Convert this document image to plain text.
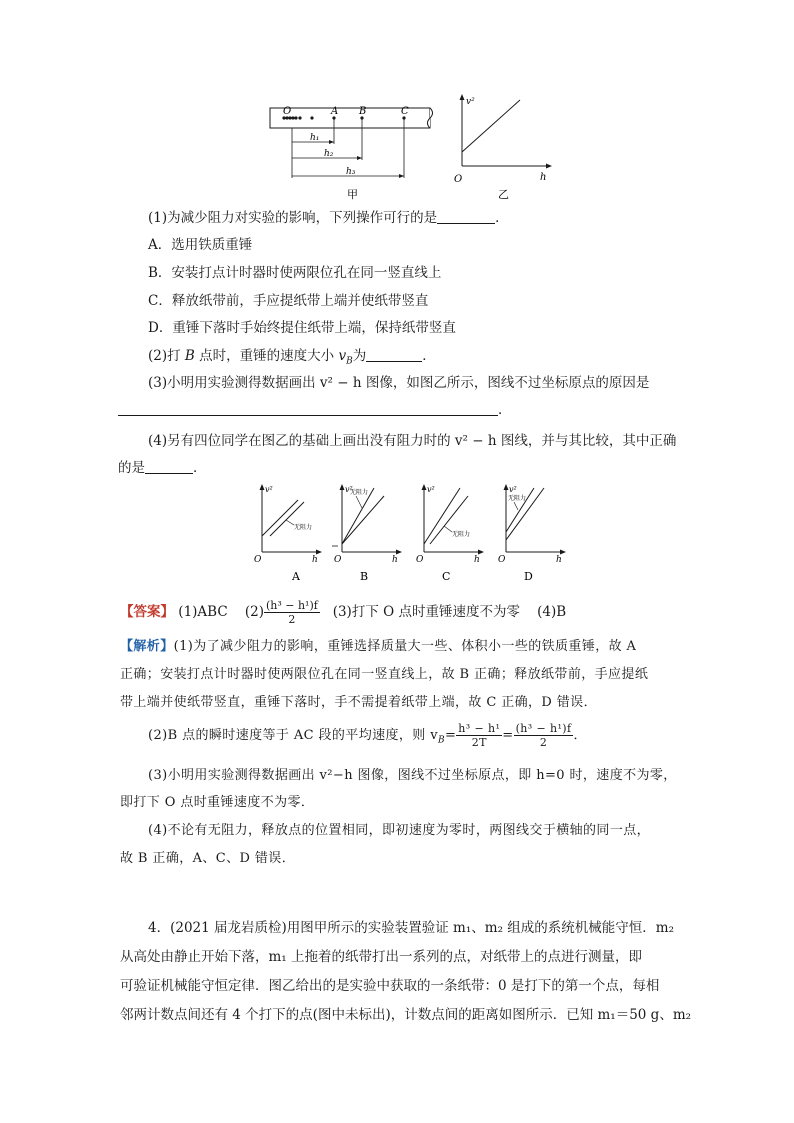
O	A B	C
h₁
h₂
h₃
甲
v²
h
O
乙
(1)为减少阻力对实验的影响，下列操作可行的是	．
A．选用铁质重锤
B．安装打点计时器时使两限位孔在同一竖直线上
C．释放纸带前，手应提纸带上端并使纸带竖直
D．重锤下落时手始终提住纸带上端，保持纸带竖直
(2)打 B 点时，重锤的速度大小 $v_B$为	．
(3)小明用实验测得数据画出 v² − h 图像，如图乙所示，图线不过坐标原点的原因是
．
(4)另有四位同学在图乙的基础上画出没有阻力时的 v² − h 图线，并与其比较，其中正确
的是	．
v²
无阻力
h
O
A
v²
无阻力
h
O
B
v²
无阻力
h
O
C
v²
无阻力
h
O
D
【答案】 (1)ABC $(2) \frac{\text{(h³ − h¹)f}}{2} (3)$打下 O 点时重锤速度不为零 (4)B
【解析】(1)为了减少阻力的影响，重锤选择质量大一些、体积小一些的铁质重锤，故 A
正确；安装打点计时器时使两限位孔在同一竖直线上，故 B 正确；释放纸带前，手应提纸
带上端并使纸带竖直，重锤下落时，手不需提着纸带上端，故 C 正确，D 错误．
(2)B 点的瞬时速度等于 AC 段的平均速度，则 $v_B= \frac{\text{h³ − h¹}}{2T} = \frac{\text{(h³ − h¹)f}}{2}$ ．
(3)小明用实验测得数据画出 v²−h 图像，图线不过坐标原点，即 h=0 时，速度不为零，
即打下 O 点时重锤速度不为零．
(4)不论有无阻力，释放点的位置相同，即初速度为零时，两图线交于横轴的同一点，
故 B 正确，A、C、D 错误．
4．(2021 届龙岩质检)用图甲所示的实验装置验证 m₁、m₂ 组成的系统机械能守恒．m₂
从高处由静止开始下落，m₁ 上拖着的纸带打出一系列的点，对纸带上的点进行测量，即
可验证机械能守恒定律．图乙给出的是实验中获取的一条纸带：0 是打下的第一个点，每相
邻两计数点间还有 4 个打下的点(图中未标出)，计数点间的距离如图所示．已知 m₁＝50 g、m₂
